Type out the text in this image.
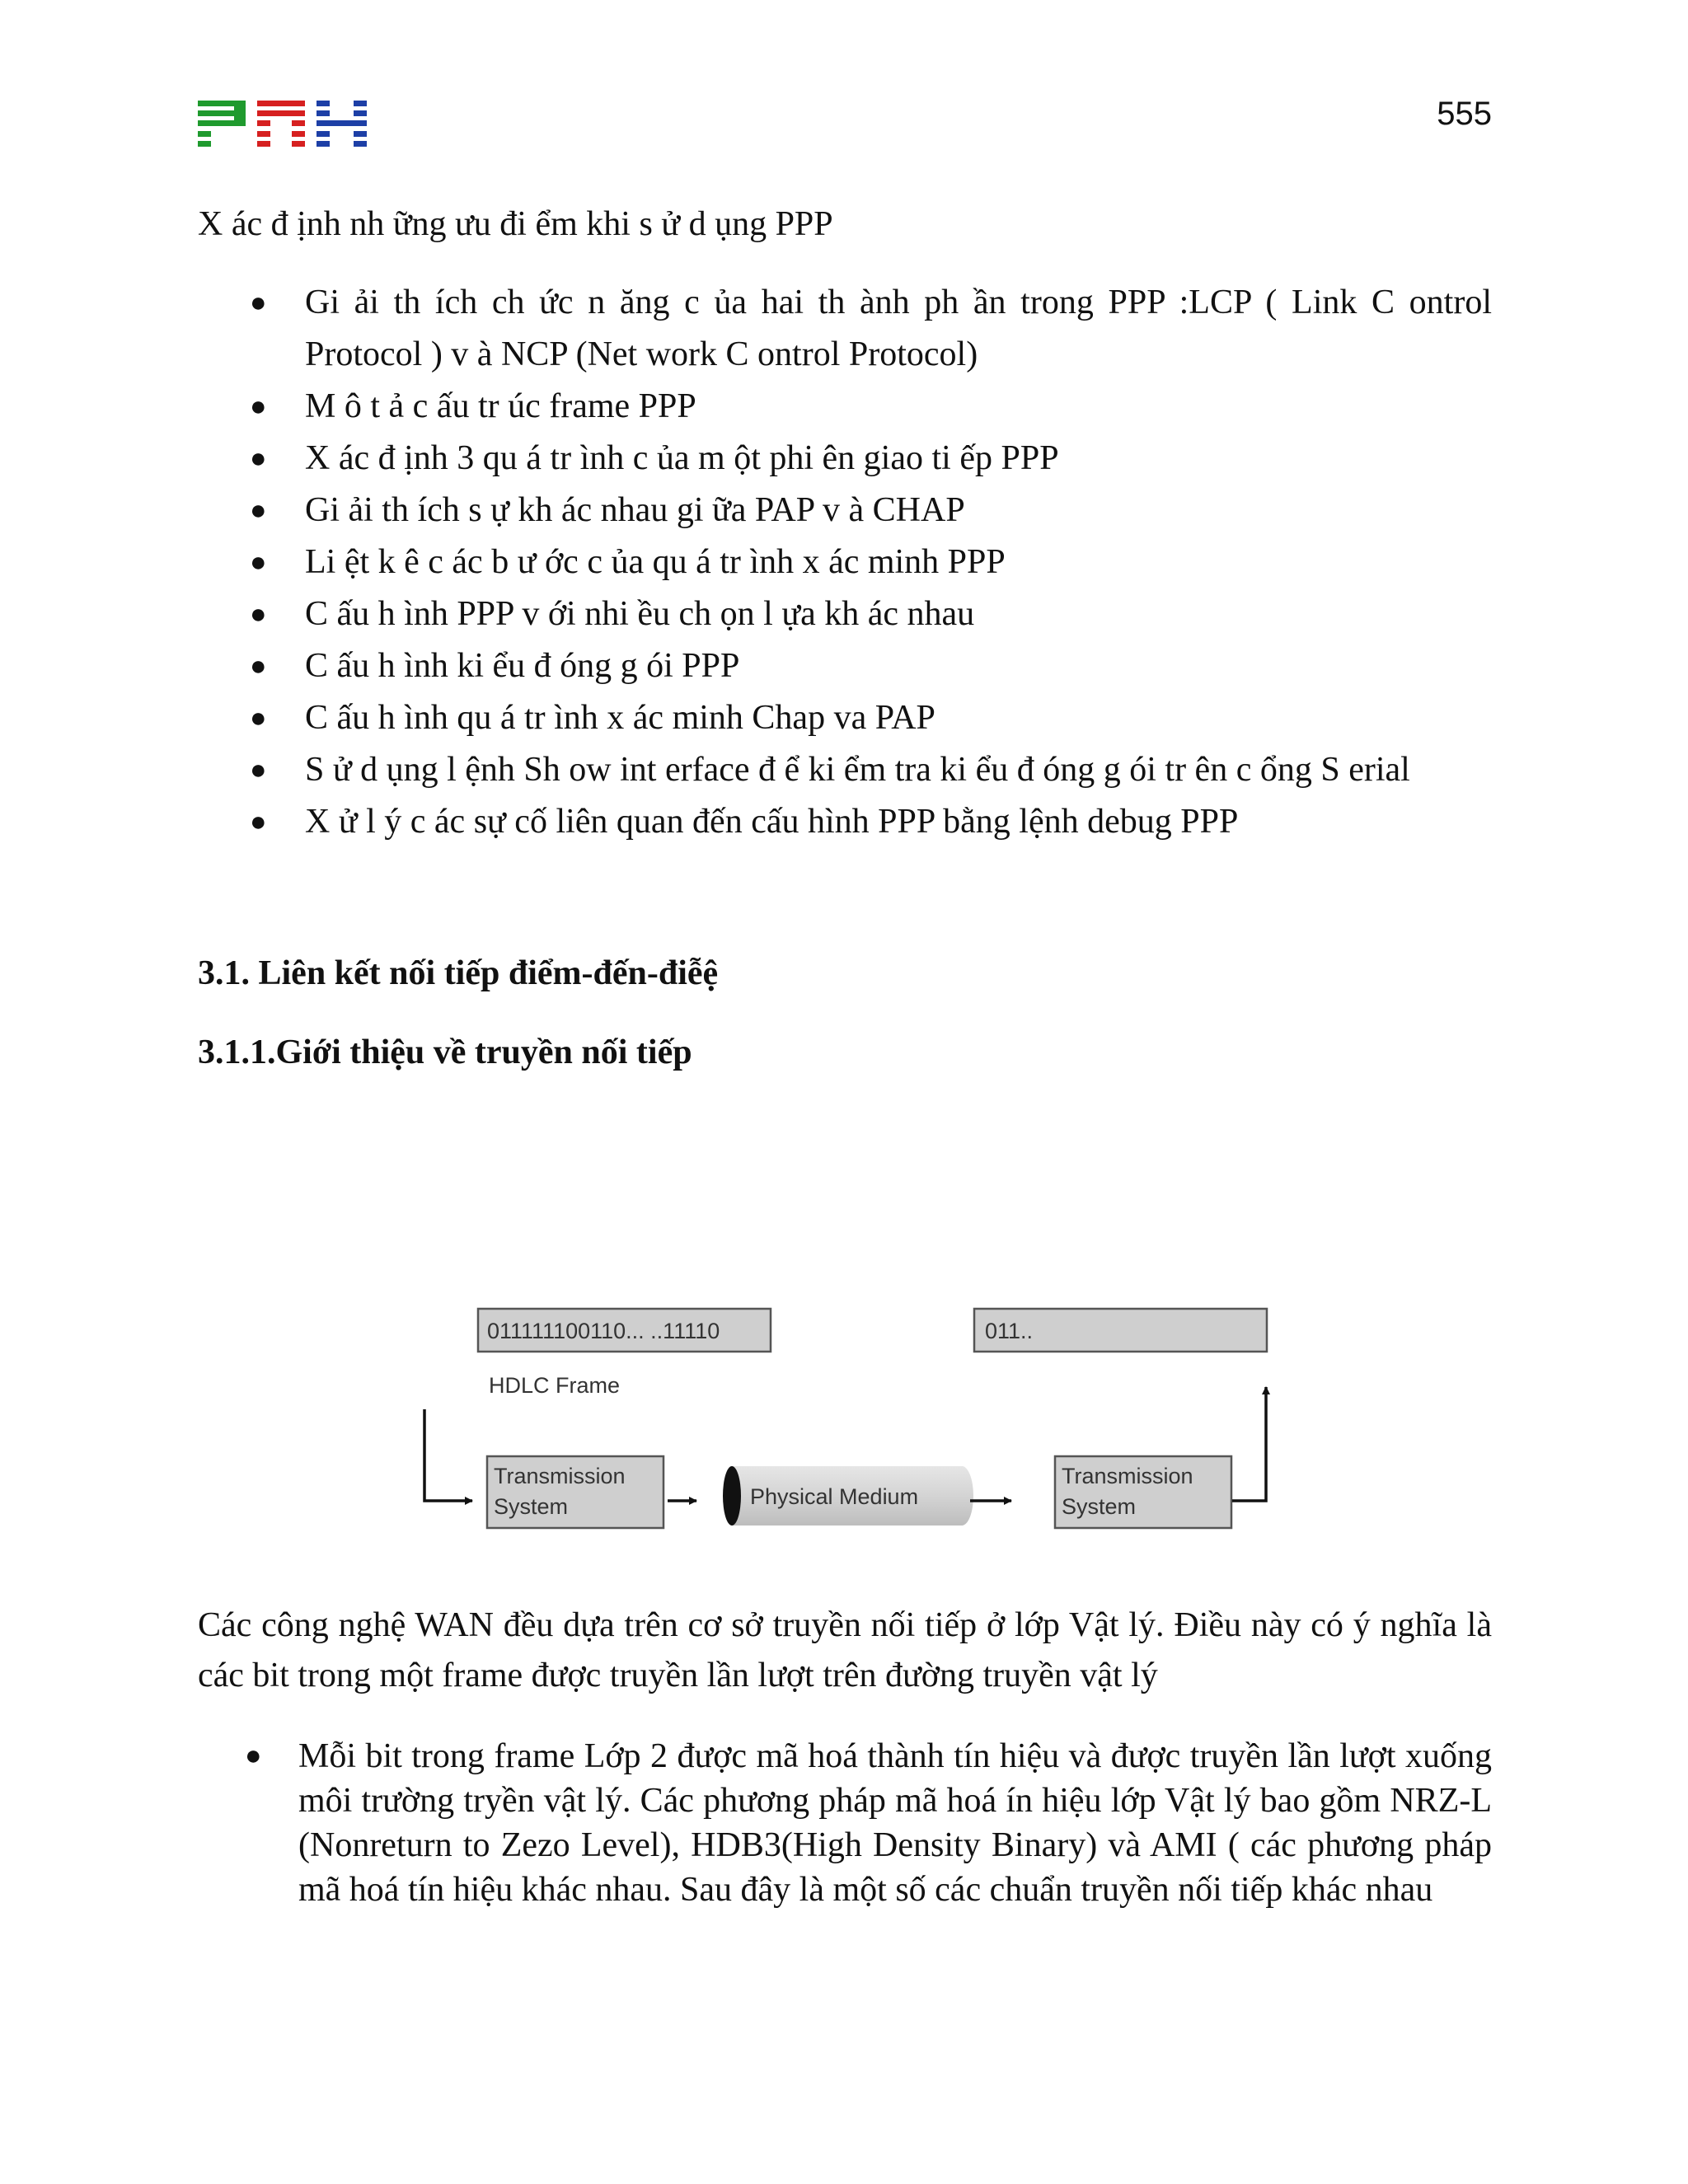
555
X ác đ ịnh nh ững ưu đi ểm khi s ử d ụng PPP
● Gi ải th ích ch ức n ăng c ủa hai th ành ph ần trong PPP :LCP ( Link C ontrol Protocol ) v à NCP (Net work C ontrol Protocol)
● M ô t ả c ấu tr úc frame PPP
● X ác đ ịnh 3 qu á tr ình c ủa m ột phi ên giao ti ếp PPP
● Gi ải th ích s ự kh ác nhau gi ữa PAP v à CHAP
● Li ệt k ê c ác b ư ớc c ủa qu á tr ình x ác minh PPP
● C ấu h ình PPP v ới nhi ều ch ọn l ựa kh ác nhau
● C ấu h ình ki ểu đ óng g ói PPP
● C ấu h ình qu á tr ình x ác minh Chap va PAP
● S ử d ụng l ệnh Sh ow int erface đ ể ki ểm tra ki ểu đ óng g ói tr ên c ổng S erial
● X ử l ý c ác sự cố liên quan đến cấu hình PPP bằng lệnh debug PPP
3.1. Liên kết nối tiếp điểm-đến-điễệ
3.1.1.Giới thiệu về truyền nối tiếp
011111100110... ..11110	011..
HDLC Frame
Transmission
System	Physical Medium
Transmission
System

Các công nghệ WAN đều dựa trên cơ sở truyền nối tiếp ở lớp Vật lý. Điều này có ý nghĩa là các bit trong một frame được truyền lần lượt trên đường truyền vật lý

● Mỗi bit trong frame Lớp 2 được mã hoá thành tín hiệu và được truyền lần lượt xuống môi trường tryền vật lý. Các phương pháp mã hoá ín hiệu lớp Vật lý bao gồm NRZ-L (Nonreturn to Zezo Level), HDB3(High Density Binary) và AMI ( các phương pháp mã hoá tín hiệu khác nhau. Sau đây là một số các chuẩn truyền nối tiếp khác nhau
